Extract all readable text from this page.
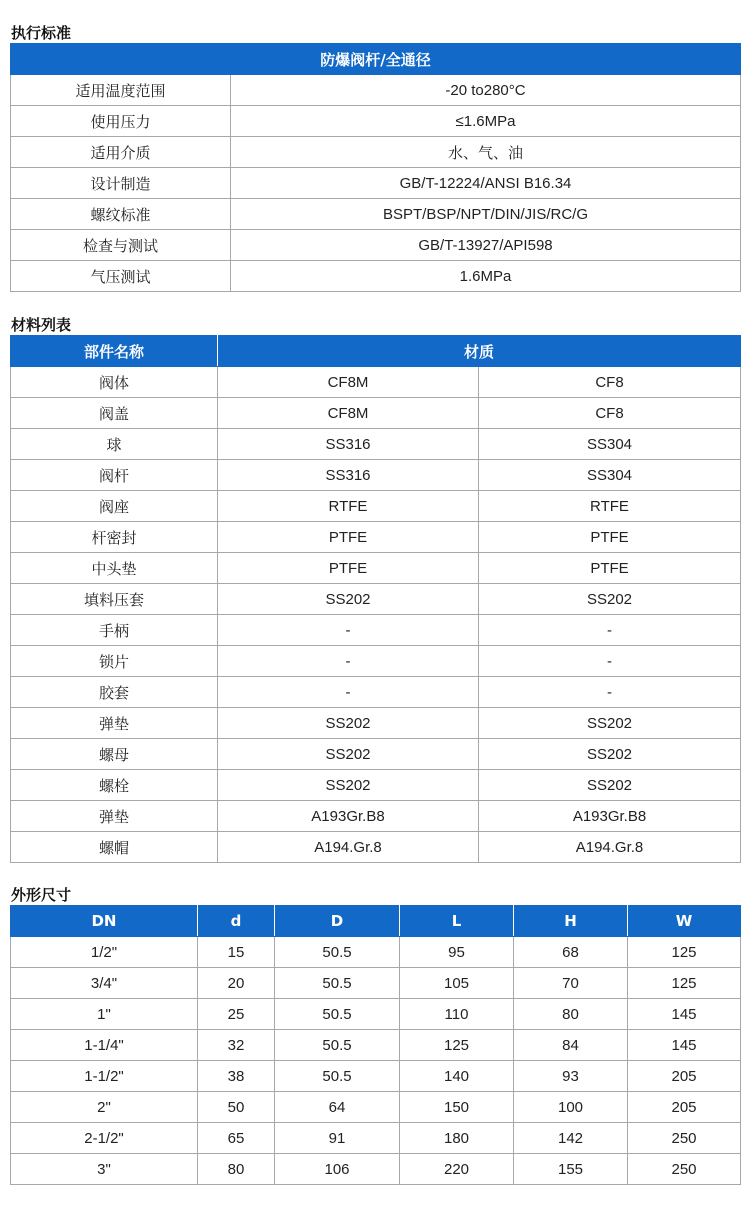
执行标准
防爆阀杆/全通径	
适用温度范围	-20 to280°C
使用压力	≤1.6MPa
适用介质	水、气、油
设计制造	GB/T-12224/ANSI B16.34
螺纹标准	BSPT/BSP/NPT/DIN/JIS/RC/G
检查与测试	GB/T-13927/API598
气压测试	1.6MPa
材料列表
部件名称	材质	
阀体	CF8M	CF8
阀盖	CF8M	CF8
球	SS316	SS304
阀杆	SS316	SS304
阀座	RTFE	RTFE
杆密封	PTFE	PTFE
中头垫	PTFE	PTFE
填料压套	SS202	SS202
手柄	-	-
锁片	-	-
胶套	-	-
弹垫	SS202	SS202
螺母	SS202	SS202
螺栓	SS202	SS202
弹垫	A193Gr.B8	A193Gr.B8
螺帽	A194.Gr.8	A194.Gr.8
外形尺寸
DN	d	D	L	H	W
1/2"	15	50.5	95	68	125
3/4"	20	50.5	105	70	125
1"	25	50.5	110	80	145
1-1/4"	32	50.5	125	84	145
1-1/2"	38	50.5	140	93	205
2"	50	64	150	100	205
2-1/2"	65	91	180	142	250
3"	80	106	220	155	250
